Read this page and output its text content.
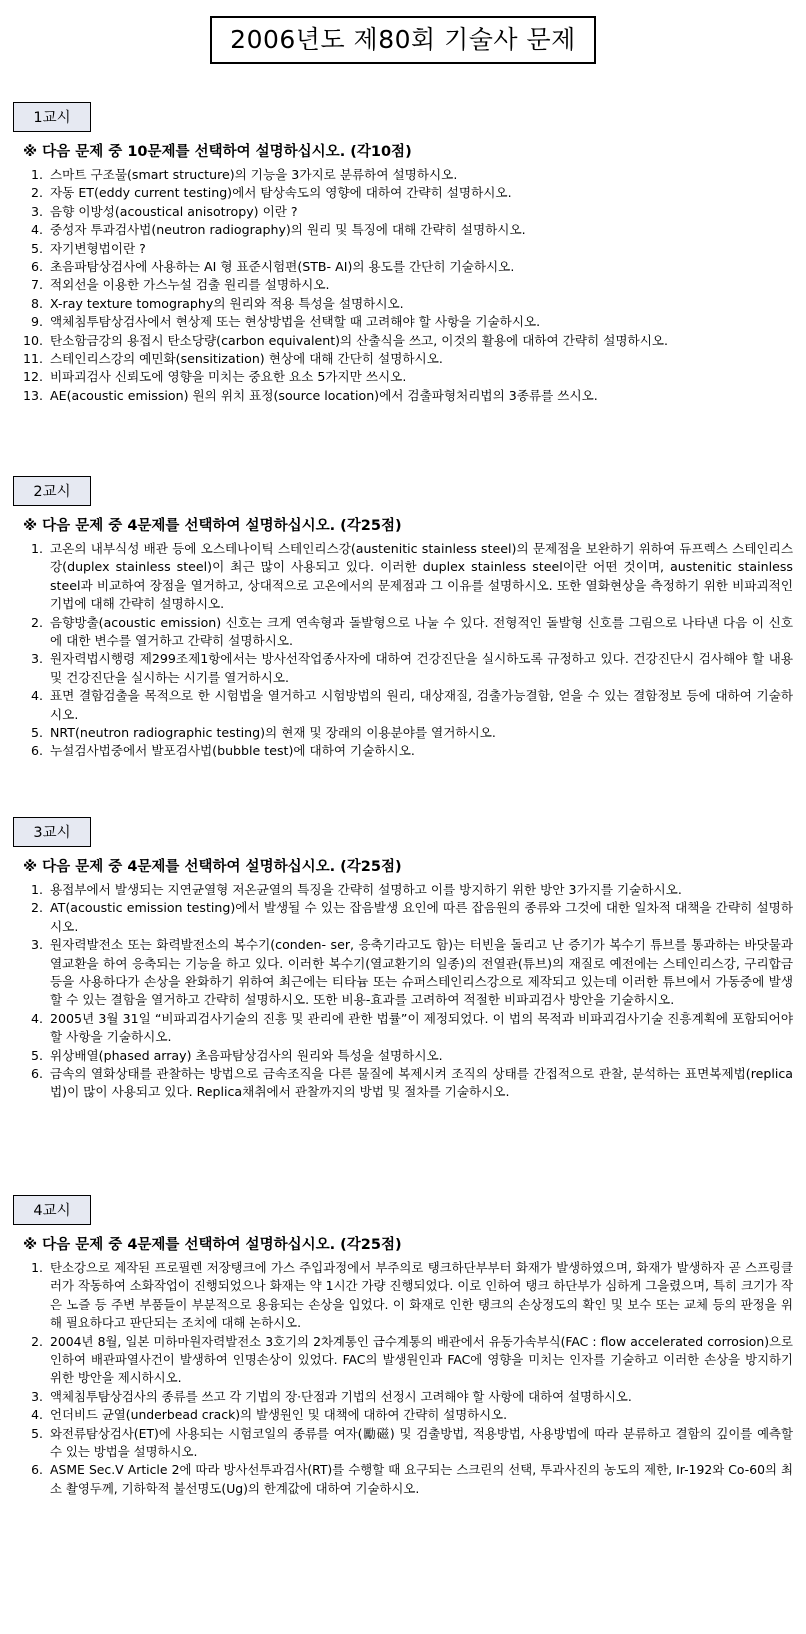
2006년도 제80회 기술사 문제
1교시
※ 다음 문제 중 10문제를 선택하여 설명하십시오. (각10점)
1. 스마트 구조물(smart structure)의 기능을 3가지로 분류하여 설명하시오.
2. 자동 ET(eddy current testing)에서 탐상속도의 영향에 대하여 간략히 설명하시오.
3. 음향 이방성(acoustical anisotropy) 이란 ?
4. 중성자 투과검사법(neutron radiography)의 원리 및 특징에 대해 간략히 설명하시오.
5. 자기변형법이란 ?
6. 초음파탐상검사에 사용하는 AI 형 표준시험편(STB- AI)의 용도를 간단히 기술하시오.
7. 적외선을 이용한 가스누설 검출 원리를 설명하시오.
8. X-ray texture tomography의 원리와 적용 특성을 설명하시오.
9. 액체침투탐상검사에서 현상제 또는 현상방법을 선택할 때 고려해야 할 사항을 기술하시오.
10. 탄소함금강의 용접시 탄소당량(carbon equivalent)의 산출식을 쓰고, 이것의 활용에 대하여 간략히 설명하시오.
11. 스테인리스강의 예민화(sensitization) 현상에 대해 간단히 설명하시오.
12. 비파괴검사 신뢰도에 영향을 미치는 중요한 요소 5가지만 쓰시오.
13. AE(acoustic emission) 원의 위치 표정(source location)에서 검출파형처리법의 3종류를 쓰시오.
2교시
※ 다음 문제 중 4문제를 선택하여 설명하십시오. (각25점)
1. 고온의 내부식성 배관 등에 오스테나이틱 스테인리스강(austenitic stainless steel)의 문제점을 보완하기 위하여 듀프렉스 스테인리스강(duplex stainless steel)이 최근 많이 사용되고 있다. 이러한 duplex stainless steel이란 어떤 것이며, austenitic stainless steel과 비교하여 장점을 열거하고, 상대적으로 고온에서의 문제점과 그 이유를 설명하시오. 또한 열화현상을 측정하기 위한 비파괴적인 기법에 대해 간략히 설명하시오.
2. 음향방출(acoustic emission) 신호는 크게 연속형과 돌발형으로 나눌 수 있다. 전형적인 돌발형 신호를 그림으로 나타낸 다음 이 신호에 대한 변수를 열거하고 간략히 설명하시오.
3. 원자력법시행령 제299조제1항에서는 방사선작업종사자에 대하여 건강진단을 실시하도록 규정하고 있다. 건강진단시 검사해야 할 내용 및 건강진단을 실시하는 시기를 열거하시오.
4. 표면 결함검출을 목적으로 한 시험법을 열거하고 시험방법의 원리, 대상재질, 검출가능결함, 얻을 수 있는 결함정보 등에 대하여 기술하시오.
5. NRT(neutron radiographic testing)의 현재 및 장래의 이용분야를 열거하시오.
6. 누설검사법중에서 발포검사법(bubble test)에 대하여 기술하시오.
3교시
※ 다음 문제 중 4문제를 선택하여 설명하십시오. (각25점)
1. 용접부에서 발생되는 지연균열형 저온균열의 특징을 간략히 설명하고 이를 방지하기 위한 방안 3가지를 기술하시오.
2. AT(acoustic emission testing)에서 발생될 수 있는 잡음발생 요인에 따른 잡음원의 종류와 그것에 대한 일차적 대책을 간략히 설명하시오.
3. 원자력발전소 또는 화력발전소의 복수기(conden- ser, 응축기라고도 함)는 터빈을 돌리고 난 증기가 복수기 튜브를 통과하는 바닷물과 열교환을 하여 응축되는 기능을 하고 있다. 이러한 복수기(열교환기의 일종)의 전열관(튜브)의 재질로 예전에는 스테인리스강, 구리합금 등을 사용하다가 손상을 완화하기 위하여 최근에는 티타늄 또는 슈퍼스테인리스강으로 제작되고 있는데 이러한 튜브에서 가동중에 발생할 수 있는 결함을 열거하고 간략히 설명하시오. 또한 비용-효과를 고려하여 적절한 비파괴검사 방안을 기술하시오.
4. 2005년 3월 31일 “비파괴검사기술의 진흥 및 관리에 관한 법률”이 제정되었다. 이 법의 목적과 비파괴검사기술 진흥계획에 포함되어야 할 사항을 기술하시오.
5. 위상배열(phased array) 초음파탐상검사의 원리와 특성을 설명하시오.
6. 금속의 열화상태를 관찰하는 방법으로 금속조직을 다른 물질에 복제시켜 조직의 상태를 간접적으로 관찰, 분석하는 표면복제법(replica법)이 많이 사용되고 있다. Replica채취에서 관찰까지의 방법 및 절차를 기술하시오.
4교시
※ 다음 문제 중 4문제를 선택하여 설명하십시오. (각25점)
1. 탄소강으로 제작된 프로필렌 저장탱크에 가스 주입과정에서 부주의로 탱크하단부부터 화재가 발생하였으며, 화재가 발생하자 곧 스프링클러가 작동하여 소화작업이 진행되었으나 화재는 약 1시간 가량 진행되었다. 이로 인하여 탱크 하단부가 심하게 그을렸으며, 특히 크기가 작은 노즐 등 주변 부품들이 부분적으로 용융되는 손상을 입었다. 이 화재로 인한 탱크의 손상정도의 확인 및 보수 또는 교체 등의 판정을 위해 필요하다고 판단되는 조치에 대해 논하시오.
2. 2004년 8월, 일본 미하마원자력발전소 3호기의 2차계통인 급수계통의 배관에서 유동가속부식(FAC : flow accelerated corrosion)으로 인하여 배관파열사건이 발생하여 인명손상이 있었다. FAC의 발생원인과 FAC에 영향을 미치는 인자를 기술하고 이러한 손상을 방지하기 위한 방안을 제시하시오.
3. 액체침투탐상검사의 종류를 쓰고 각 기법의 장·단점과 기법의 선정시 고려해야 할 사항에 대하여 설명하시오.
4. 언더비드 균열(underbead crack)의 발생원인 및 대책에 대하여 간략히 설명하시오.
5. 와전류탐상검사(ET)에 사용되는 시험코일의 종류를 여자(勵磁) 및 검출방법, 적용방법, 사용방법에 따라 분류하고 결함의 깊이를 예측할 수 있는 방법을 설명하시오.
6. ASME Sec.V Article 2에 따라 방사선투과검사(RT)를 수행할 때 요구되는 스크린의 선택, 투과사진의 농도의 제한, Ir-192와 Co-60의 최소 촬영두께, 기하학적 불선명도(Ug)의 한계값에 대하여 기술하시오.
